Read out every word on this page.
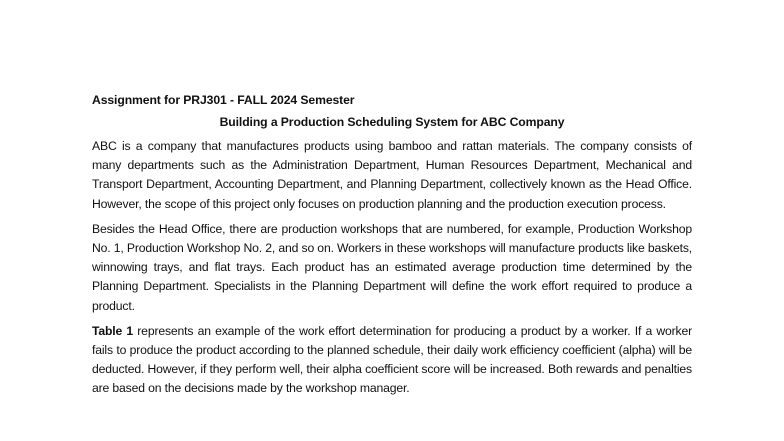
Assignment for PRJ301 - FALL 2024 Semester
Building a Production Scheduling System for ABC Company

ABC is a company that manufactures products using bamboo and rattan materials. The company consists of many departments such as the Administration Department, Human Resources Department, Mechanical and Transport Department, Accounting Department, and Planning Department, collectively known as the Head Office. However, the scope of this project only focuses on production planning and the production execution process.

Besides the Head Office, there are production workshops that are numbered, for example, Production Workshop No. 1, Production Workshop No. 2, and so on. Workers in these workshops will manufacture products like baskets, winnowing trays, and flat trays. Each product has an estimated average production time determined by the Planning Department. Specialists in the Planning Department will define the work effort required to produce a product.

Table 1 represents an example of the work effort determination for producing a product by a worker. If a worker fails to produce the product according to the planned schedule, their daily work efficiency coefficient (alpha) will be deducted. However, if they perform well, their alpha coefficient score will be increased. Both rewards and penalties are based on the decisions made by the workshop manager.
